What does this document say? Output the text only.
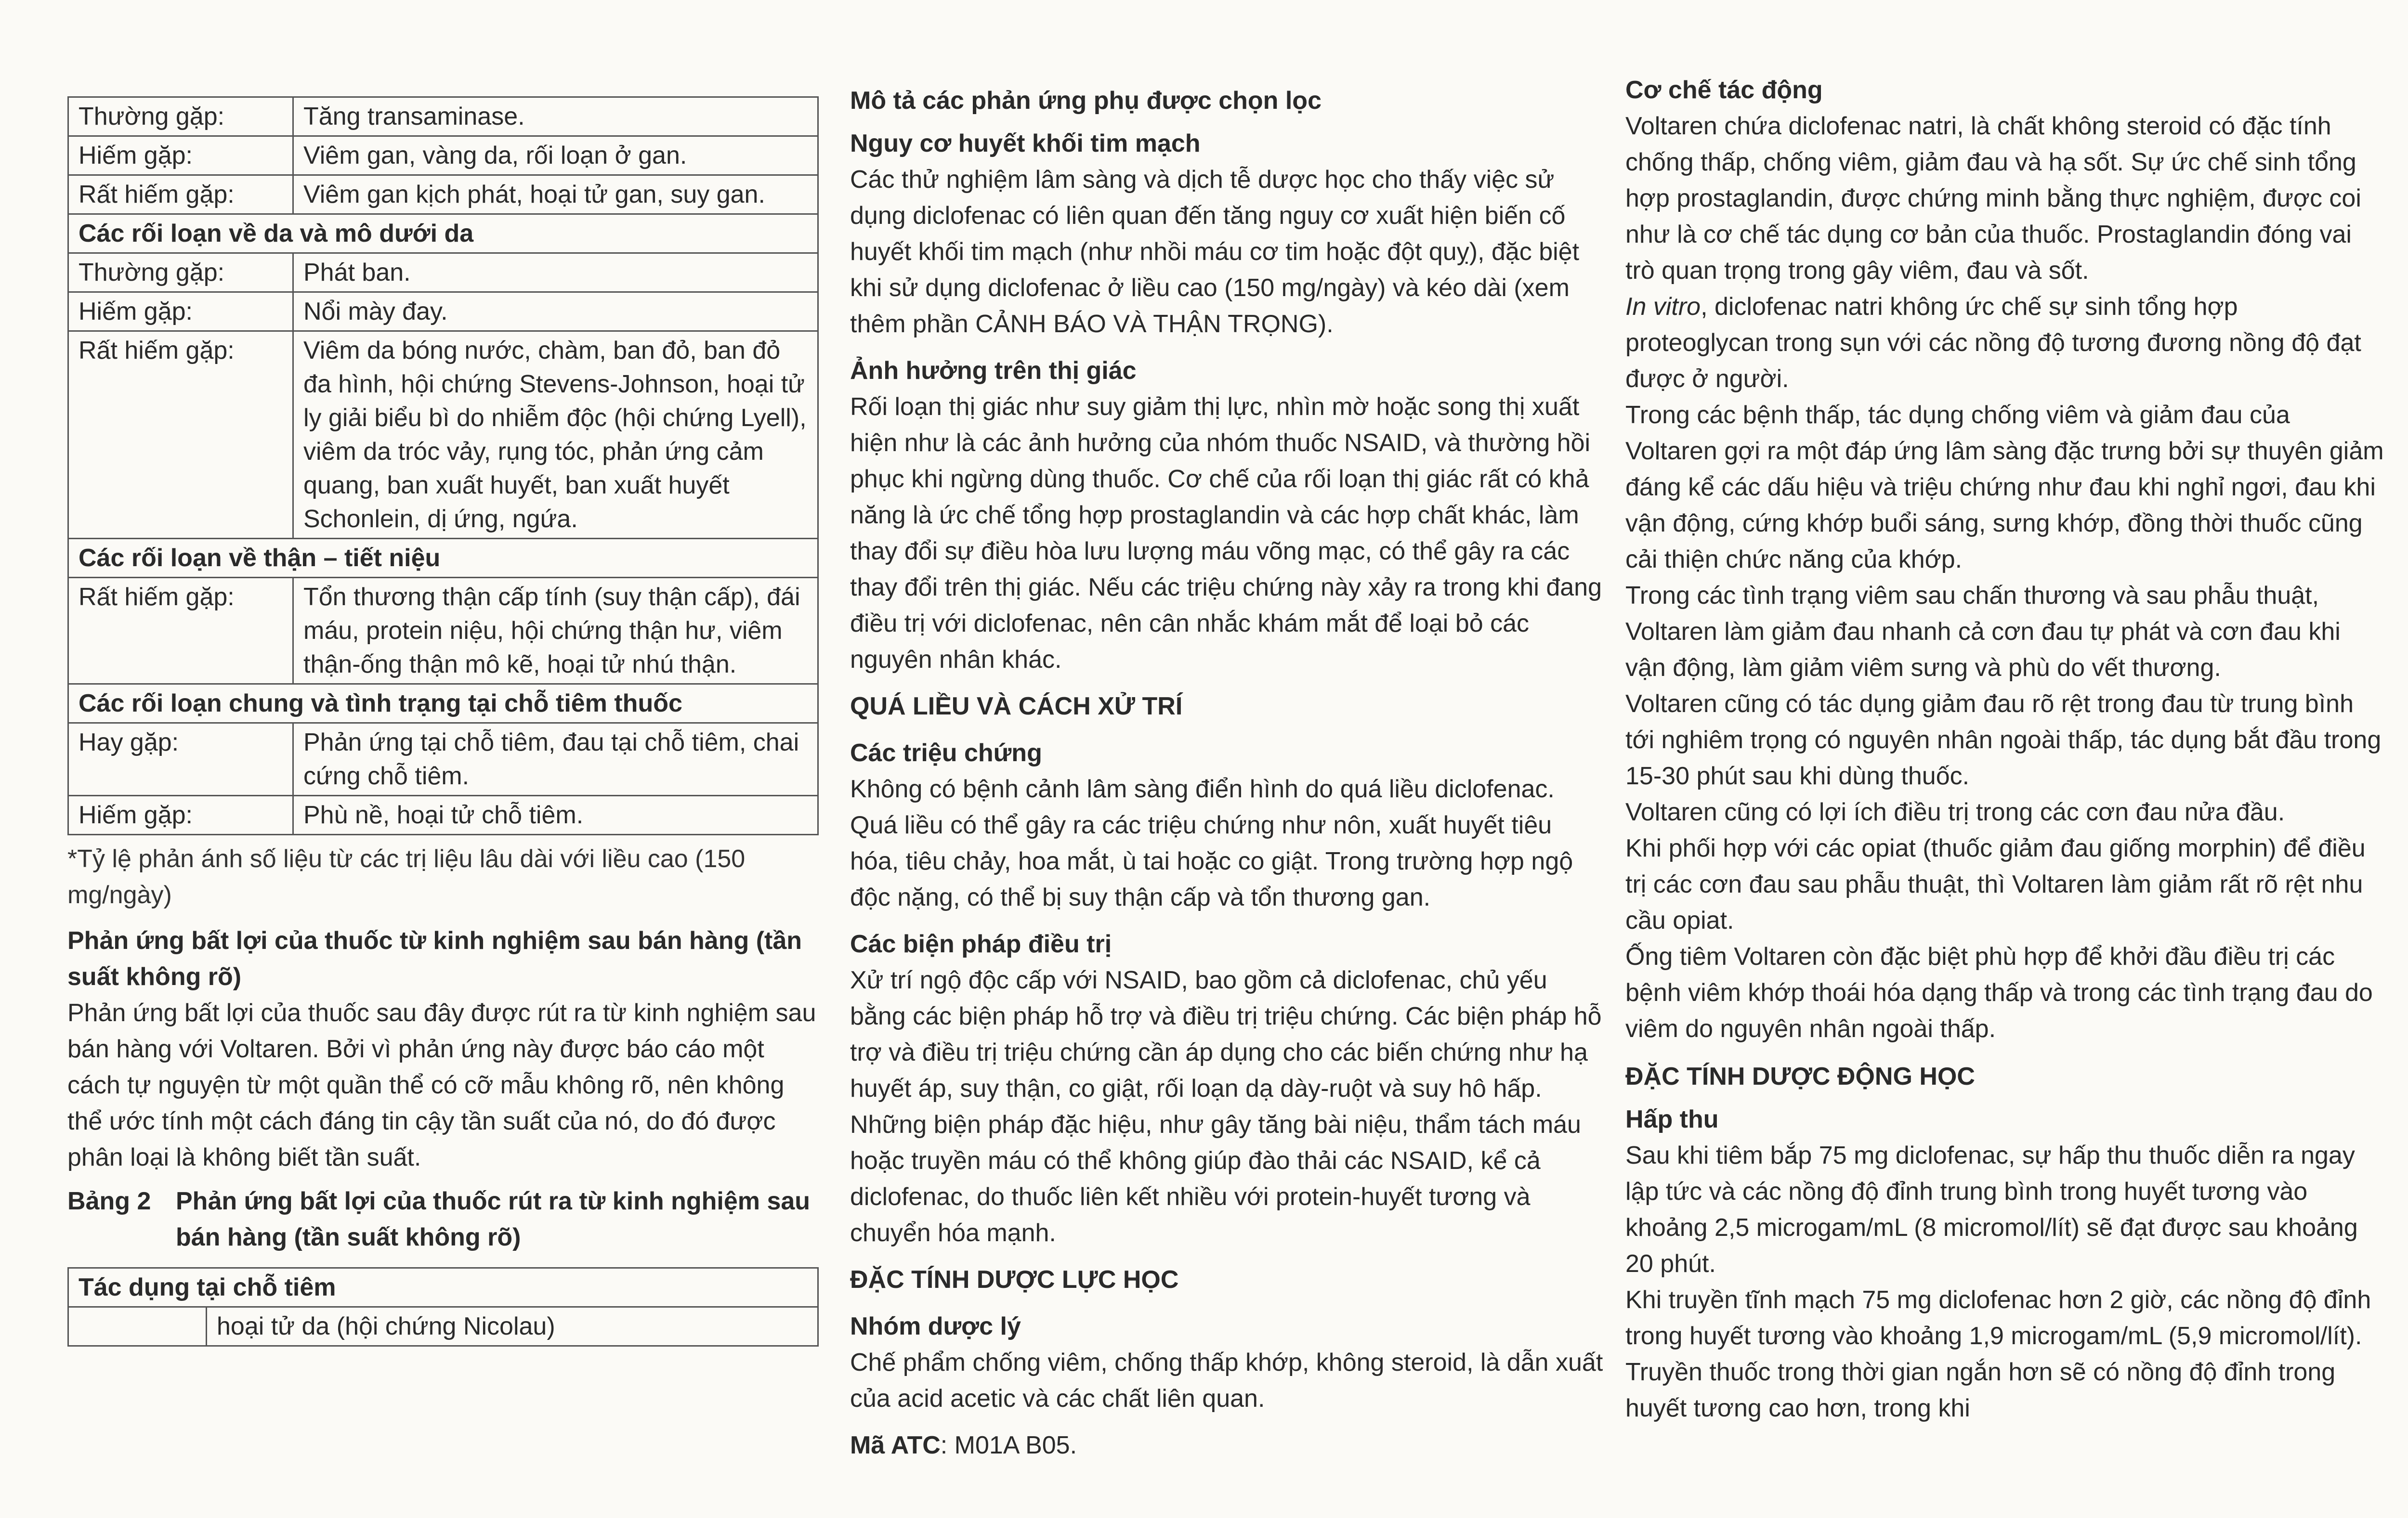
Thường gặp:	Tăng transaminase.
Hiếm gặp:	Viêm gan, vàng da, rối loạn ở gan.
Rất hiếm gặp:	Viêm gan kịch phát, hoại tử gan, suy gan.
Các rối loạn về da và mô dưới da	
Thường gặp:	Phát ban.
Hiếm gặp:	Nổi mày đay.
Rất hiếm gặp:	Viêm da bóng nước, chàm, ban đỏ, ban đỏ đa hình, hội chứng Stevens-Johnson, hoại tử ly giải biểu bì do nhiễm độc (hội chứng Lyell), viêm da tróc vảy, rụng tóc, phản ứng cảm quang, ban xuất huyết, ban xuất huyết Schonlein, dị ứng, ngứa.
Các rối loạn về thận – tiết niệu	
Rất hiếm gặp:	Tổn thương thận cấp tính (suy thận cấp), đái máu, protein niệu, hội chứng thận hư, viêm thận-ống thận mô kẽ, hoại tử nhú thận.
Các rối loạn chung và tình trạng tại chỗ tiêm thuốc	
Hay gặp:	Phản ứng tại chỗ tiêm, đau tại chỗ tiêm, chai cứng chỗ tiêm.
Hiếm gặp:	Phù nề, hoại tử chỗ tiêm.

*Tỷ lệ phản ánh số liệu từ các trị liệu lâu dài với liều cao (150 mg/ngày)

Phản ứng bất lợi của thuốc từ kinh nghiệm sau bán hàng (tần suất không rõ)

Phản ứng bất lợi của thuốc sau đây được rút ra từ kinh nghiệm sau bán hàng với Voltaren. Bởi vì phản ứng này được báo cáo một cách tự nguyện từ một quần thể có cỡ mẫu không rõ, nên không thể ước tính một cách đáng tin cậy tần suất của nó, do đó được phân loại là không biết tần suất.

Bảng 2 Phản ứng bất lợi của thuốc rút ra từ kinh nghiệm sau bán hàng (tần suất không rõ)
Tác dụng tại chỗ tiêm
	hoại tử da (hội chứng Nicolau)

Mô tả các phản ứng phụ được chọn lọc

Nguy cơ huyết khối tim mạch

Các thử nghiệm lâm sàng và dịch tễ dược học cho thấy việc sử dụng diclofenac có liên quan đến tăng nguy cơ xuất hiện biến cố huyết khối tim mạch (như nhồi máu cơ tim hoặc đột quỵ), đặc biệt khi sử dụng diclofenac ở liều cao (150 mg/ngày) và kéo dài (xem thêm phần CẢNH BÁO VÀ THẬN TRỌNG).

Ảnh hưởng trên thị giác

Rối loạn thị giác như suy giảm thị lực, nhìn mờ hoặc song thị xuất hiện như là các ảnh hưởng của nhóm thuốc NSAID, và thường hồi phục khi ngừng dùng thuốc. Cơ chế của rối loạn thị giác rất có khả năng là ức chế tổng hợp prostaglandin và các hợp chất khác, làm thay đổi sự điều hòa lưu lượng máu võng mạc, có thể gây ra các thay đổi trên thị giác. Nếu các triệu chứng này xảy ra trong khi đang điều trị với diclofenac, nên cân nhắc khám mắt để loại bỏ các nguyên nhân khác.

QUÁ LIỀU VÀ CÁCH XỬ TRÍ

Các triệu chứng

Không có bệnh cảnh lâm sàng điển hình do quá liều diclofenac. Quá liều có thể gây ra các triệu chứng như nôn, xuất huyết tiêu hóa, tiêu chảy, hoa mắt, ù tai hoặc co giật. Trong trường hợp ngộ độc nặng, có thể bị suy thận cấp và tổn thương gan.

Các biện pháp điều trị

Xử trí ngộ độc cấp với NSAID, bao gồm cả diclofenac, chủ yếu bằng các biện pháp hỗ trợ và điều trị triệu chứng. Các biện pháp hỗ trợ và điều trị triệu chứng cần áp dụng cho các biến chứng như hạ huyết áp, suy thận, co giật, rối loạn dạ dày-ruột và suy hô hấp.

Những biện pháp đặc hiệu, như gây tăng bài niệu, thẩm tách máu hoặc truyền máu có thể không giúp đào thải các NSAID, kể cả diclofenac, do thuốc liên kết nhiều với protein-huyết tương và chuyển hóa mạnh.

ĐẶC TÍNH DƯỢC LỰC HỌC

Nhóm dược lý

Chế phẩm chống viêm, chống thấp khớp, không steroid, là dẫn xuất của acid acetic và các chất liên quan.

Mã ATC: M01A B05.

Cơ chế tác động

Voltaren chứa diclofenac natri, là chất không steroid có đặc tính chống thấp, chống viêm, giảm đau và hạ sốt. Sự ức chế sinh tổng hợp prostaglandin, được chứng minh bằng thực nghiệm, được coi như là cơ chế tác dụng cơ bản của thuốc. Prostaglandin đóng vai trò quan trọng trong gây viêm, đau và sốt.

In vitro, diclofenac natri không ức chế sự sinh tổng hợp proteoglycan trong sụn với các nồng độ tương đương nồng độ đạt được ở người.

Trong các bệnh thấp, tác dụng chống viêm và giảm đau của Voltaren gợi ra một đáp ứng lâm sàng đặc trưng bởi sự thuyên giảm đáng kể các dấu hiệu và triệu chứng như đau khi nghỉ ngơi, đau khi vận động, cứng khớp buổi sáng, sưng khớp, đồng thời thuốc cũng cải thiện chức năng của khớp.

Trong các tình trạng viêm sau chấn thương và sau phẫu thuật, Voltaren làm giảm đau nhanh cả cơn đau tự phát và cơn đau khi vận động, làm giảm viêm sưng và phù do vết thương.

Voltaren cũng có tác dụng giảm đau rõ rệt trong đau từ trung bình tới nghiêm trọng có nguyên nhân ngoài thấp, tác dụng bắt đầu trong 15-30 phút sau khi dùng thuốc.

Voltaren cũng có lợi ích điều trị trong các cơn đau nửa đầu.

Khi phối hợp với các opiat (thuốc giảm đau giống morphin) để điều trị các cơn đau sau phẫu thuật, thì Voltaren làm giảm rất rõ rệt nhu cầu opiat.

Ống tiêm Voltaren còn đặc biệt phù hợp để khởi đầu điều trị các bệnh viêm khớp thoái hóa dạng thấp và trong các tình trạng đau do viêm do nguyên nhân ngoài thấp.

ĐẶC TÍNH DƯỢC ĐỘNG HỌC

Hấp thu

Sau khi tiêm bắp 75 mg diclofenac, sự hấp thu thuốc diễn ra ngay lập tức và các nồng độ đỉnh trung bình trong huyết tương vào khoảng 2,5 microgam/mL (8 micromol/lít) sẽ đạt được sau khoảng 20 phút.

Khi truyền tĩnh mạch 75 mg diclofenac hơn 2 giờ, các nồng độ đỉnh trong huyết tương vào khoảng 1,9 microgam/mL (5,9 micromol/lít). Truyền thuốc trong thời gian ngắn hơn sẽ có nồng độ đỉnh trong huyết tương cao hơn, trong khi
